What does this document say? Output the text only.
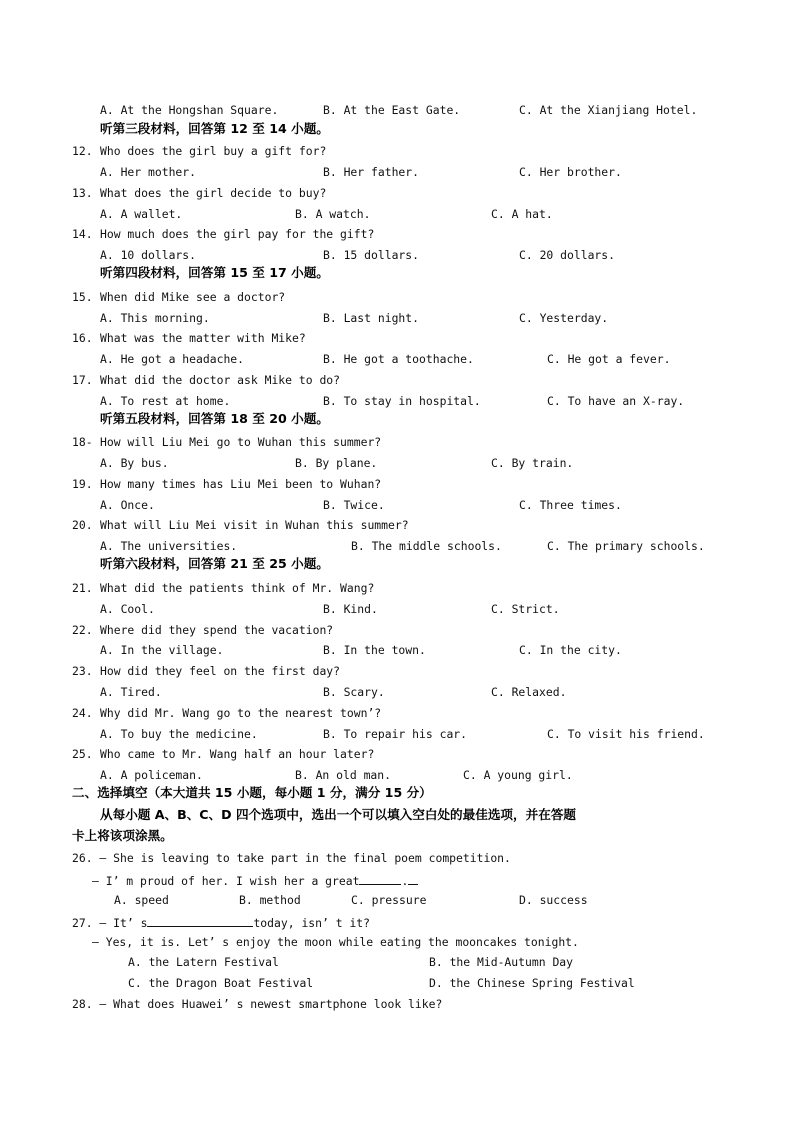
A. At the Hongshan Square.	B. At the East Gate.	C. At the Xianjiang Hotel.
听第三段材料，回答第 12 至 14 小题。
12. Who does the girl buy a gift for?
A. Her mother.	B. Her father.	C. Her brother.
13. What does the girl decide to buy?
A. A wallet.	B. A watch.	C. A hat.
14. How much does the girl pay for the gift?
A. 10 dollars.	B. 15 dollars.	C. 20 dollars.
听第四段材料，回答第 15 至 17 小题。
15. When did Mike see a doctor?
A. This morning.	B. Last night.	C. Yesterday.
16. What was the matter with Mike?
A. He got a headache.	B. He got a toothache.	C. He got a fever.
17. What did the doctor ask Mike to do?
A. To rest at home.	B. To stay in hospital.	C. To have an X-ray.
听第五段材料，回答第 18 至 20 小题。
18- How will Liu Mei go to Wuhan this summer?
A. By bus.	B. By plane.	C. By train.
19. How many times has Liu Mei been to Wuhan?
A. Once.	B. Twice.	C. Three times.
20. What will Liu Mei visit in Wuhan this summer?
A. The universities.	B. The middle schools.	C. The primary schools.
听第六段材料，回答第 21 至 25 小题。
21. What did the patients think of Mr. Wang?
A. Cool.	B. Kind.	C. Strict.
22. Where did they spend the vacation?
A. In the village.	B. In the town.	C. In the city.
23. How did they feel on the first day?
A. Tired.	B. Scary.	C. Relaxed.
24. Why did Mr. Wang go to the nearest town’?
A. To buy the medicine.	B. To repair his car.	C. To visit his friend.
25. Who came to Mr. Wang half an hour later?
A. A policeman.	B. An old man.	C. A young girl.
二、选择填空（本大道共 15 小题，每小题 1 分，满分 15 分）
从每小题 A、B、C、D 四个选项中，选出一个可以填入空白处的最佳选项，并在答题
卡上将该项涂黑。
26. — She is leaving to take part in the final poem competition.
— I’ m proud of her. I wish her a great	.
A. speed	B. method	C. pressure	D. success
27. — It’ s	today, isn’ t it?
— Yes, it is. Let’ s enjoy the moon while eating the mooncakes tonight.
A. the Latern Festival	B. the Mid-Autumn Day
C. the Dragon Boat Festival	D. the Chinese Spring Festival
28. — What does Huawei’ s newest smartphone look like?
